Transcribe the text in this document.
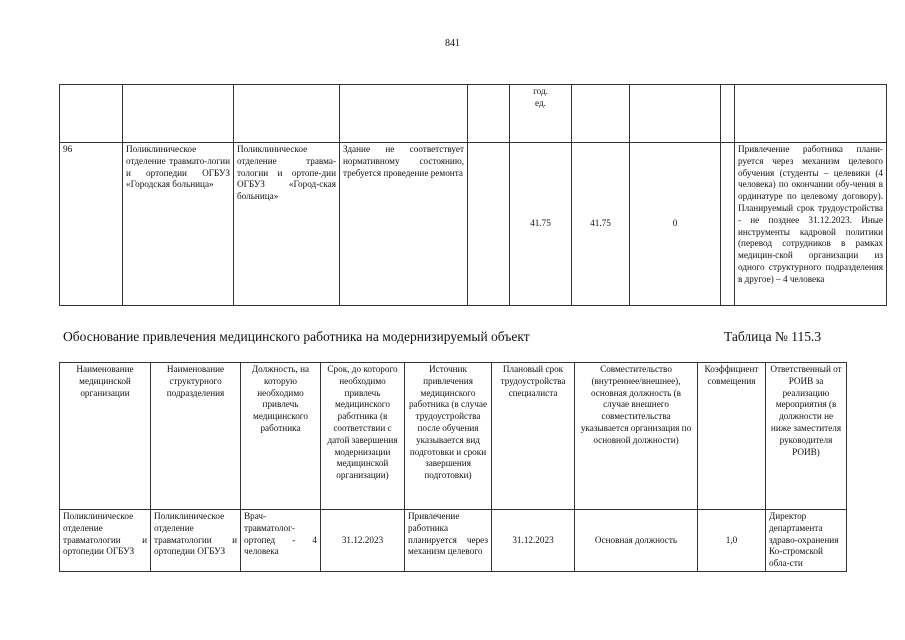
841
					год.
ед.				
96	Поликлиническое отделение травмато-логии и ортопедии ОГБУЗ «Городская больница»	Поликлиническое отделение травма-тологии и ортопе-дии ОГБУЗ «Город-ская больница»	Здание не соответствует нормативному состоянию, требуется проведение ремонта		41.75	41.75	0		Привлечение работника плани-руется через механизм целевого обучения (студенты – целевики (4 человека) по окончании обу-чения в ординатуре по целевому договору). Планируемый срок трудоустройства - не позднее 31.12.2023. Иные инструменты кадровой политики (перевод сотрудников в рамках медицин-ской организации из одного структурного подразделения в другое) – 4 человека
Обоснование привлечения медицинского работника на модернизируемый объект	Таблица № 115.3
Наименование медицинской организации	Наименование структурного подразделения	Должность, на которую необходимо привлечь медицинского работника	Срок, до которого необходимо привлечь медицинского работника (в соответствии с датой завершения модернизации медицинской организации)	Источник привлечения медицинского работника (в случае трудоустройства после обучения указывается вид подготовки и сроки завершения подготовки)	Плановый срок трудоустройства специалиста	Совместительство (внутреннее/внешнее), основная должность (в случае внешнего совместительства указывается организация по основной должности)	Коэффициент совмещения	Ответственный от РОИВ за реализацию мероприятия (в должности не ниже заместителя руководителя РОИВ)
Поликлиническое отделение травматологии и ортопедии ОГБУЗ	Поликлиническое отделение травматологии и ортопедии ОГБУЗ	Врач-травматолог-ортопед - 4 человека	31.12.2023	Привлечение работника планируется через механизм целевого	31.12.2023	Основная должность	1,0	Директор департамента здраво-охранения Ко-стромской обла-сти
